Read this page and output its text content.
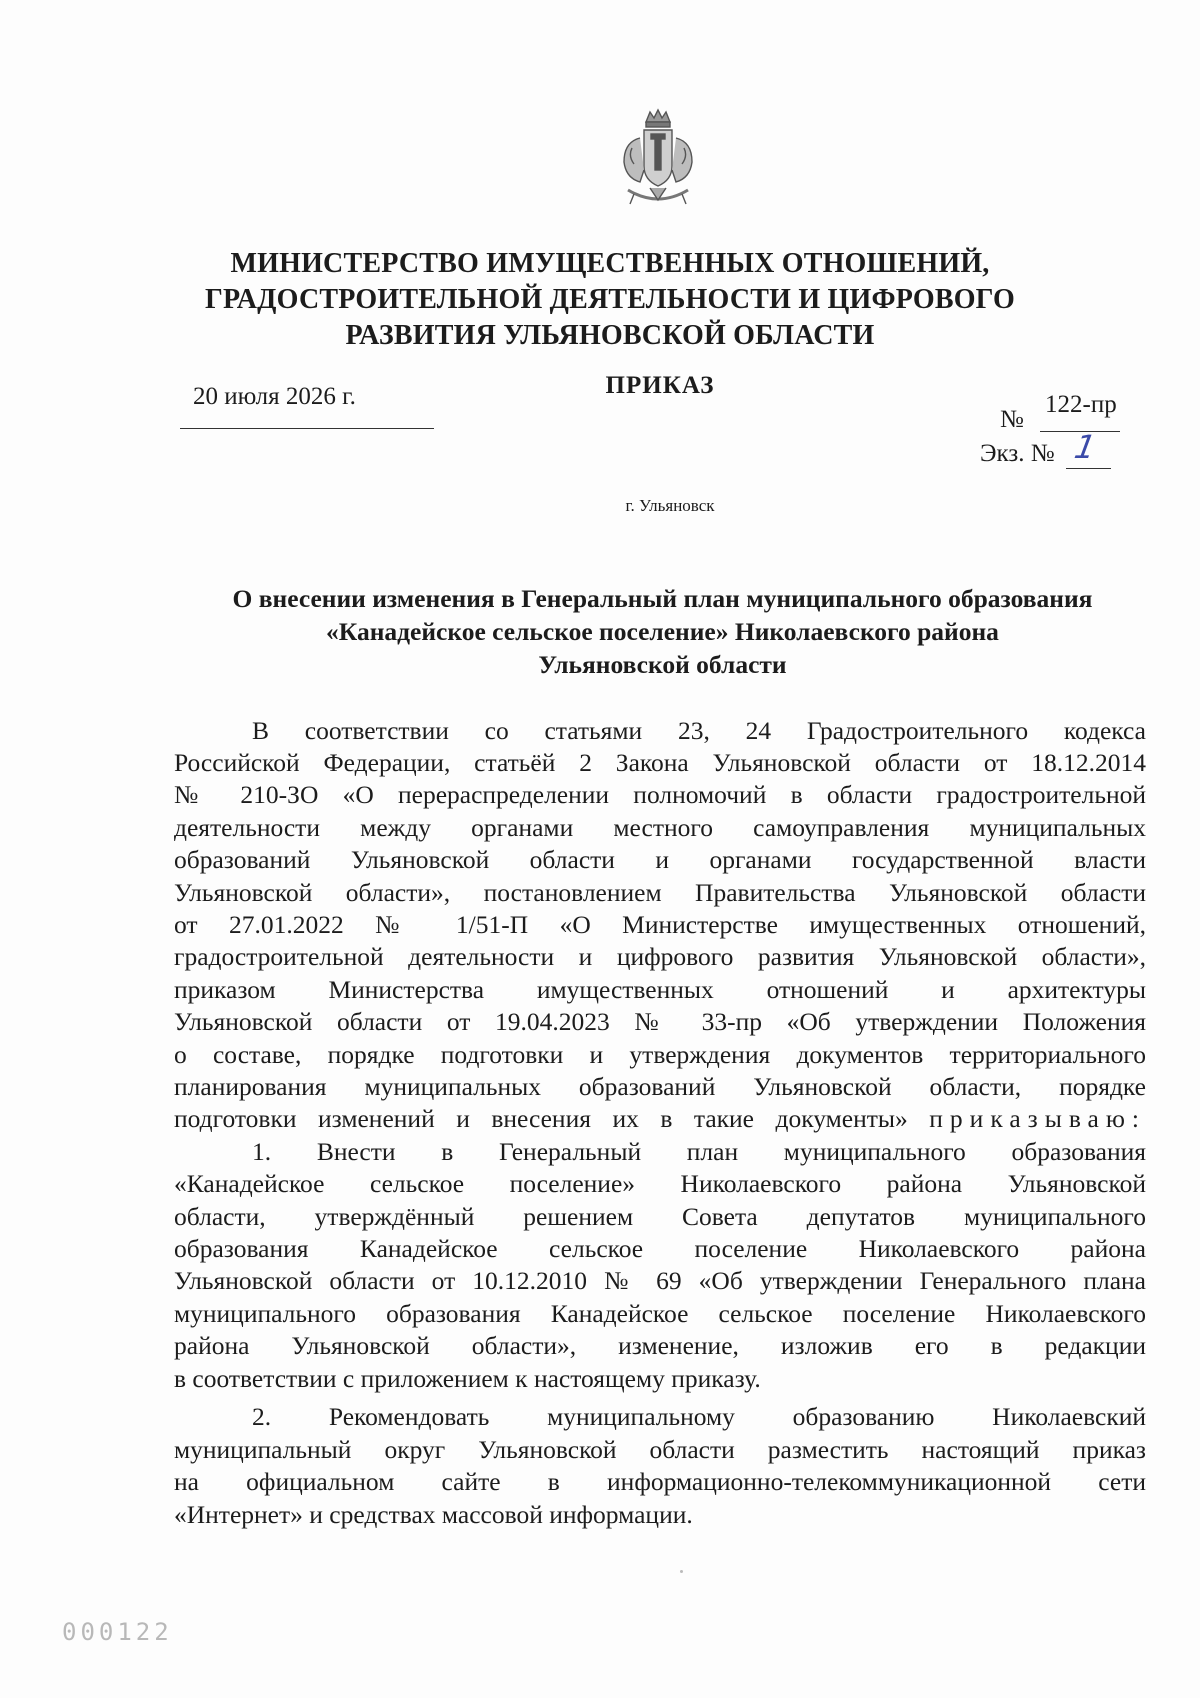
МИНИСТЕРСТВО ИМУЩЕСТВЕННЫХ ОТНОШЕНИЙ,
ГРАДОСТРОИТЕЛЬНОЙ ДЕЯТЕЛЬНОСТИ И ЦИФРОВОГО
РАЗВИТИЯ УЛЬЯНОВСКОЙ ОБЛАСТИ
20 июля 2026 г.	ПРИКАЗ
№
122-пр
Экз. № 1
г. Ульяновск
О внесении изменения в Генеральный план муниципального образования
«Канадейское сельское поселение» Николаевского района
Ульяновской области
В соответствии со статьями 23, 24 Градостроительного кодекса
Российской Федерации, статьёй 2 Закона Ульяновской области от 18.12.2014
№ 210-ЗО «О перераспределении полномочий в области градостроительной
деятельности между органами местного самоуправления муниципальных
образований Ульяновской области и органами государственной власти
Ульяновской области», постановлением Правительства Ульяновской области
от 27.01.2022 № 1/51-П «О Министерстве имущественных отношений,
градостроительной деятельности и цифрового развития Ульяновской области»,
приказом Министерства имущественных отношений и архитектуры
Ульяновской области от 19.04.2023 № 33-пр «Об утверждении Положения
о составе, порядке подготовки и утверждения документов территориального
планирования муниципальных образований Ульяновской области, порядке
подготовки изменений и внесения их в такие документы» приказываю:
1. Внести в Генеральный план муниципального образования
«Канадейское сельское поселение» Николаевского района Ульяновской
области, утверждённый решением Совета депутатов муниципального
образования Канадейское сельское поселение Николаевского района
Ульяновской области от 10.12.2010 № 69 «Об утверждении Генерального плана
муниципального образования Канадейское сельское поселение Николаевского
района Ульяновской области», изменение, изложив его в редакции
в соответствии с приложением к настоящему приказу.
2. Рекомендовать муниципальному образованию Николаевский
муниципальный округ Ульяновской области разместить настоящий приказ
на официальном сайте в информационно-телекоммуникационной сети
«Интернет» и средствах массовой информации.
000122
